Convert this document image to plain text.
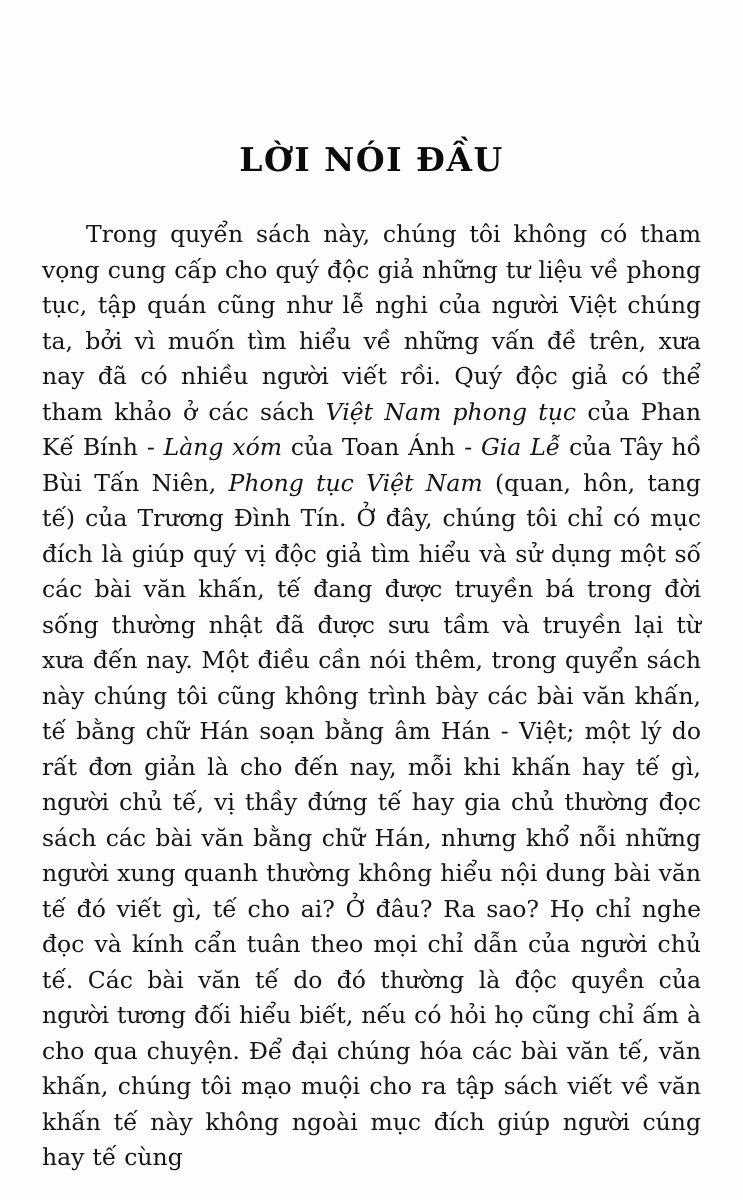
LỜI NÓI ĐẦU

Trong quyển sách này, chúng tôi không có tham vọng cung cấp cho quý độc giả những tư liệu về phong tục, tập quán cũng như lễ nghi của người Việt chúng ta, bởi vì muốn tìm hiểu về những vấn đề trên, xưa nay đã có nhiều người viết rồi. Quý độc giả có thể tham khảo ở các sách Việt Nam phong tục của Phan Kế Bính - Làng xóm của Toan Ánh - Gia Lễ của Tây hồ Bùi Tấn Niên, Phong tục Việt Nam (quan, hôn, tang tế) của Trương Đình Tín. Ở đây, chúng tôi chỉ có mục đích là giúp quý vị độc giả tìm hiểu và sử dụng một số các bài văn khấn, tế đang được truyền bá trong đời sống thường nhật đã được sưu tầm và truyền lại từ xưa đến nay. Một điều cần nói thêm, trong quyển sách này chúng tôi cũng không trình bày các bài văn khấn, tế bằng chữ Hán soạn bằng âm Hán - Việt; một lý do rất đơn giản là cho đến nay, mỗi khi khấn hay tế gì, người chủ tế, vị thầy đứng tế hay gia chủ thường đọc sách các bài văn bằng chữ Hán, nhưng khổ nỗi những người xung quanh thường không hiểu nội dung bài văn tế đó viết gì, tế cho ai? Ở đâu? Ra sao? Họ chỉ nghe đọc và kính cẩn tuân theo mọi chỉ dẫn của người chủ tế. Các bài văn tế do đó thường là độc quyền của người tương đối hiểu biết, nếu có hỏi họ cũng chỉ ấm à cho qua chuyện. Để đại chúng hóa các bài văn tế, văn khấn, chúng tôi mạo muội cho ra tập sách viết về văn khấn tế này không ngoài mục đích giúp người cúng hay tế cùng
